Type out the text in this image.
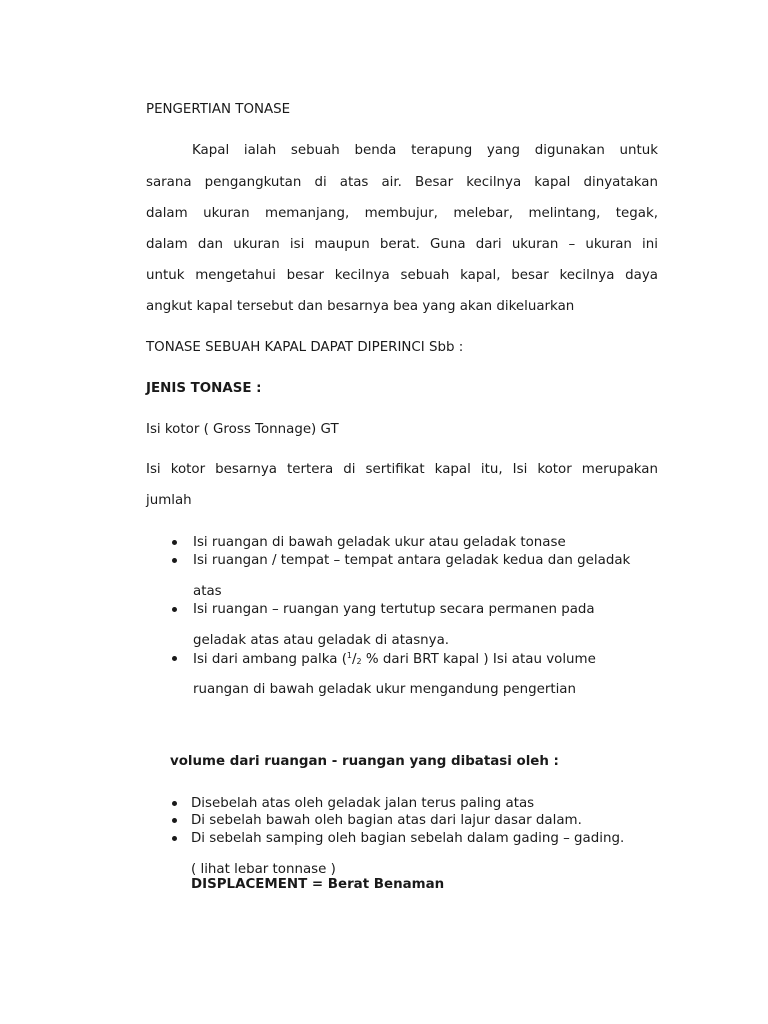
PENGERTIAN TONASE
Kapal ialah sebuah benda terapung yang digunakan untuk
sarana pengangkutan di atas air. Besar kecilnya kapal dinyatakan
dalam ukuran memanjang, membujur, melebar, melintang, tegak,
dalam dan ukuran isi maupun berat. Guna dari ukuran – ukuran ini
untuk mengetahui besar kecilnya sebuah kapal, besar kecilnya daya
angkut kapal tersebut dan besarnya bea yang akan dikeluarkan
TONASE SEBUAH KAPAL DAPAT DIPERINCI Sbb :
JENIS TONASE :
Isi kotor ( Gross Tonnage) GT
Isi kotor besarnya tertera di sertifikat kapal itu, Isi kotor merupakan
jumlah
Isi ruangan di bawah geladak ukur atau geladak tonase
Isi ruangan / tempat – tempat antara geladak kedua dan geladak
atas
Isi ruangan – ruangan yang tertutup secara permanen pada
geladak atas atau geladak di atasnya.
Isi dari ambang palka ($^1/_2$ % dari BRT kapal ) Isi atau volume
ruangan di bawah geladak ukur mengandung pengertian
volume dari ruangan - ruangan yang dibatasi oleh :
Disebelah atas oleh geladak jalan terus paling atas
Di sebelah bawah oleh bagian atas dari lajur dasar dalam.
Di sebelah samping oleh bagian sebelah dalam gading – gading.
( lihat lebar tonnase )
DISPLACEMENT = Berat Benaman
